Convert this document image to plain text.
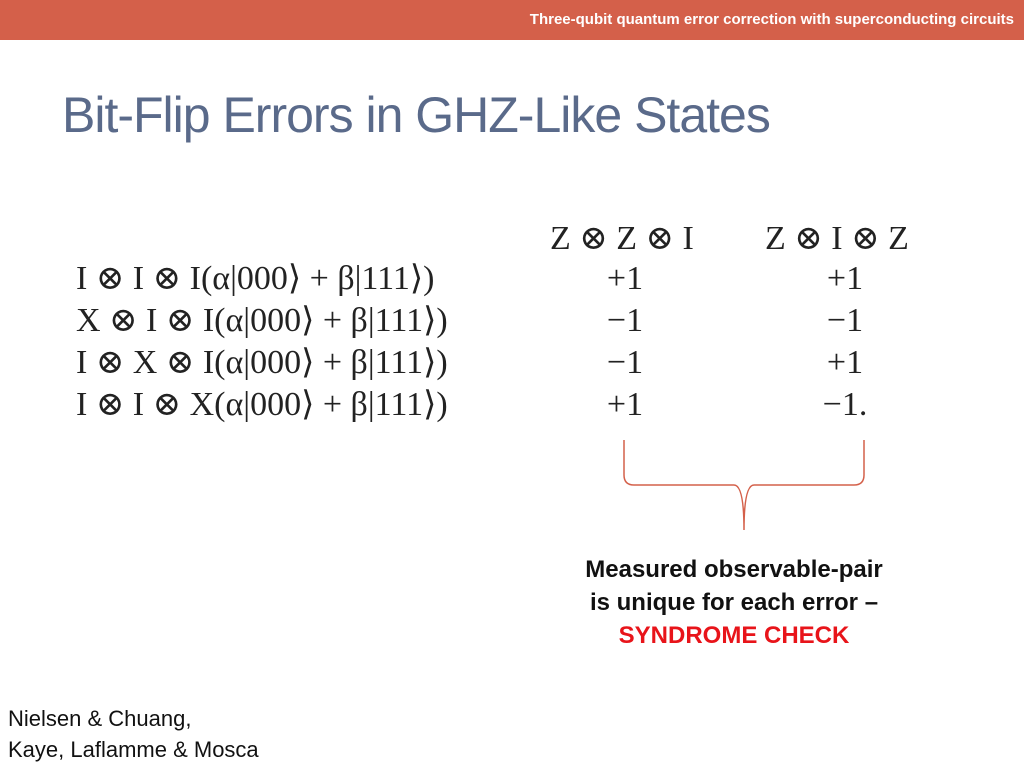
Three-qubit quantum error correction with superconducting circuits
Bit-Flip Errors in GHZ-Like States
I ⊗ I ⊗ I(α|000⟩ + β|111⟩)
X ⊗ I ⊗ I(α|000⟩ + β|111⟩)
I ⊗ X ⊗ I(α|000⟩ + β|111⟩)
I ⊗ I ⊗ X(α|000⟩ + β|111⟩)
Z ⊗ Z ⊗ I Z ⊗ I ⊗ Z
+1
−1
−1
+1
+1
−1
+1
−1.
Measured observable-pair
is unique for each error –
SYNDROME CHECK
Nielsen & Chuang,
Kaye, Laflamme & Mosca
